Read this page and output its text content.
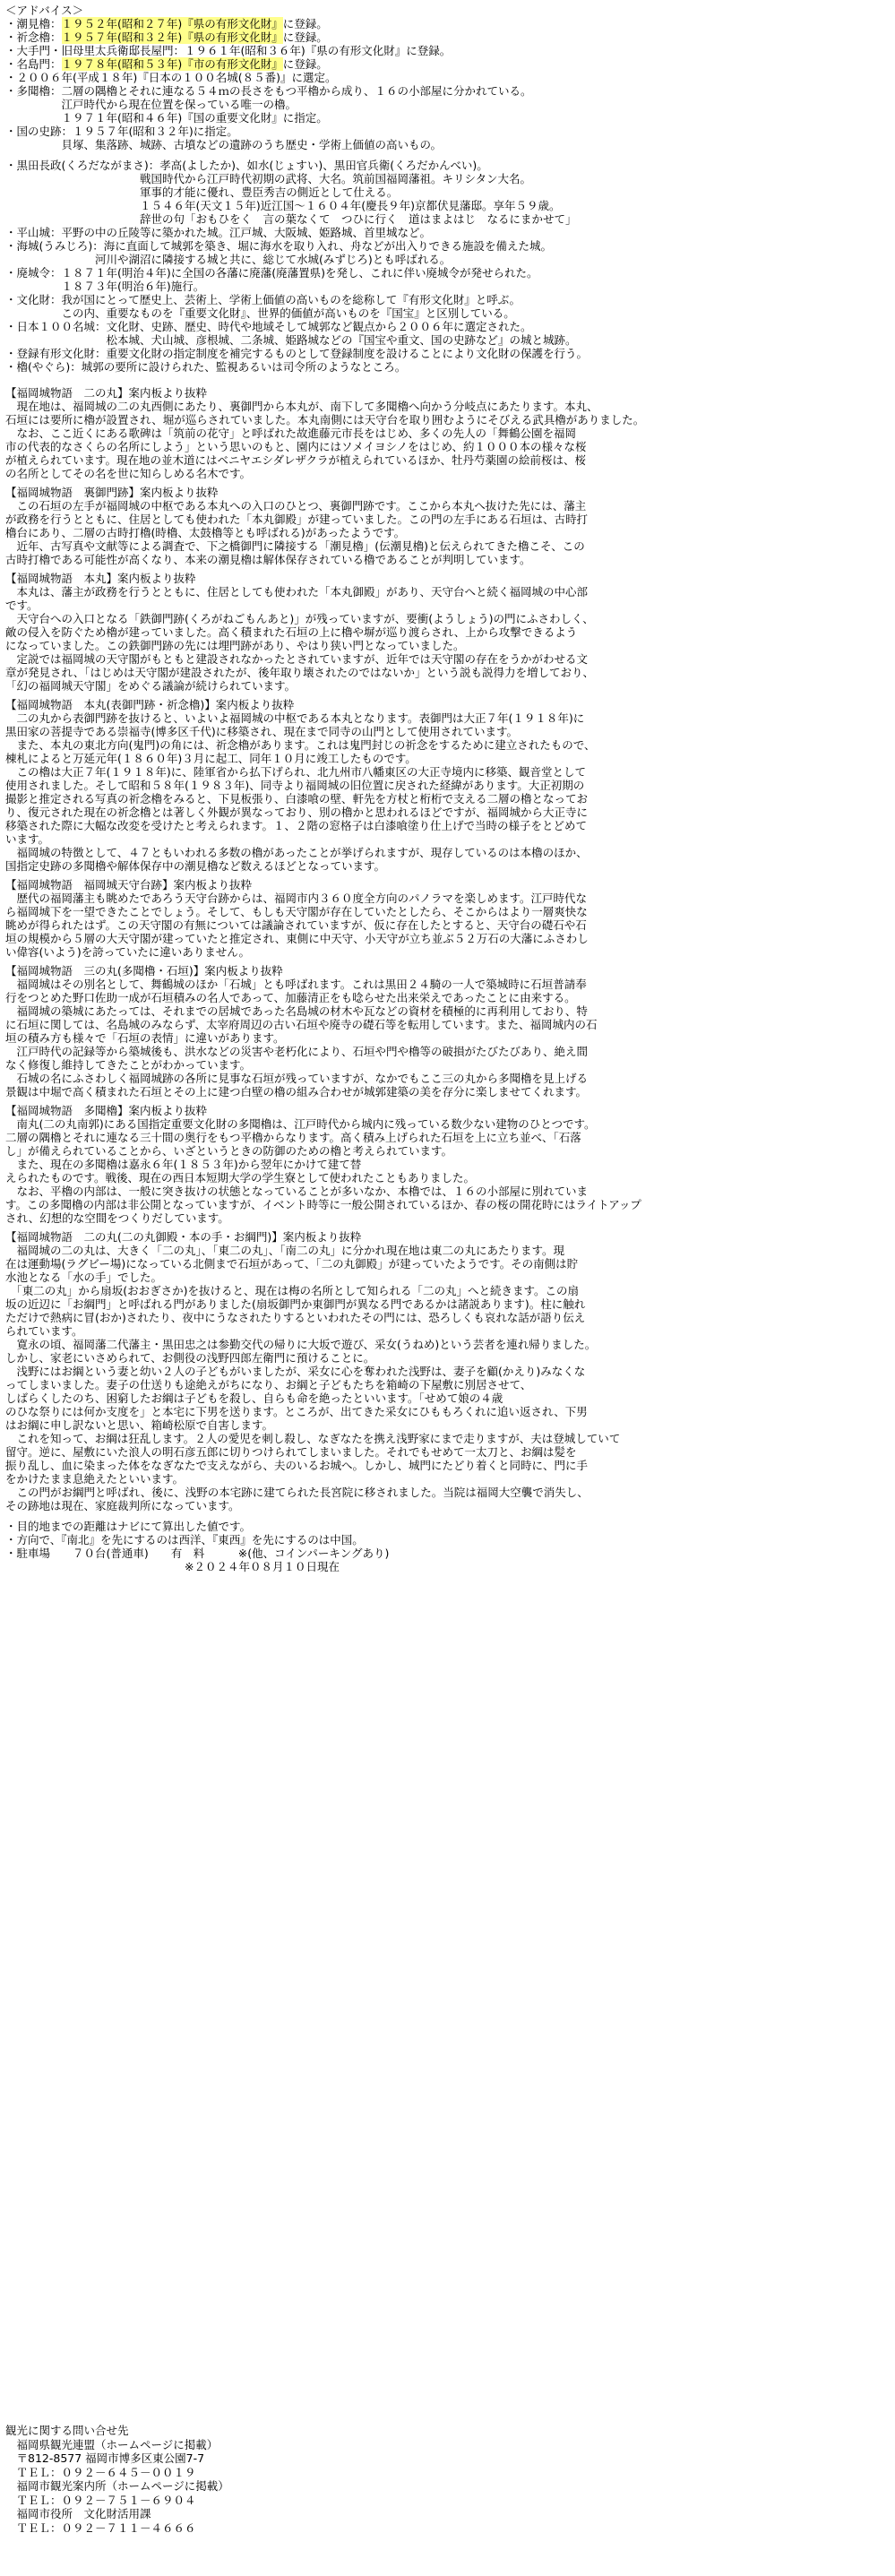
＜アドバイス＞
・潮見櫓：１９５２年(昭和２７年)『県の有形文化財』に登録。
・祈念櫓：１９５７年(昭和３２年)『県の有形文化財』に登録。
・大手門・旧母里太兵衛邸長屋門：１９６１年(昭和３６年)『県の有形文化財』に登録。
・名島門：１９７８年(昭和５３年)『市の有形文化財』に登録。
・２００６年(平成１８年)『日本の１００名城(８５番)』に選定。
・多聞櫓：二層の隅櫓とそれに連なる５４ｍの長さをもつ平櫓から成り、１６の小部屋に分かれている。
　　　　　江戸時代から現在位置を保っている唯一の櫓。
　　　　　１９７１年(昭和４６年)『国の重要文化財』に指定。
・国の史跡：１９５７年(昭和３２年)に指定。
　　　　　貝塚、集落跡、城跡、古墳などの遺跡のうち歴史・学術上価値の高いもの。
・黒田長政(くろだながまさ)：孝高(よしたか)、如水(じょすい)、黒田官兵衛(くろだかんべい)。
　　　　　　　　　　　　戦国時代から江戸時代初期の武将、大名。筑前国福岡藩祖。キリシタン大名。
　　　　　　　　　　　　軍事的才能に優れ、豊臣秀吉の側近として仕える。
　　　　　　　　　　　　１５４６年(天文１５年)近江国〜１６０４年(慶長９年)京都伏見藩邸。享年５９歳。
　　　　　　　　　　　　辞世の句「おもひをく　言の葉なくて　つひに行く　道はまよはじ　なるにまかせて」
・平山城：平野の中の丘陵等に築かれた城。江戸城、大阪城、姫路城、首里城など。
・海城(うみじろ)：海に直面して城郭を築き、堀に海水を取り入れ、舟などが出入りできる施設を備えた城。
　　　　　　　　河川や湖沼に隣接する城と共に、総じて水城(みずじろ)とも呼ばれる。
・廃城令：１８７１年(明治４年)に全国の各藩に廃藩(廃藩置県)を発し、これに伴い廃城令が発せられた。
　　　　　１８７３年(明治６年)施行。
・文化財：我が国にとって歴史上、芸術上、学術上価値の高いものを総称して『有形文化財』と呼ぶ。
　　　　　この内、重要なものを『重要文化財』、世界的価値が高いものを『国宝』と区別している。
・日本１００名城：文化財、史跡、歴史、時代や地域そして城郭など観点から２００６年に選定された。
　　　　　　　　　松本城、犬山城、彦根城、二条城、姫路城などの『国宝や重文、国の史跡など』の城と城跡。
・登録有形文化財：重要文化財の指定制度を補完するものとして登録制度を設けることにより文化財の保護を行う。
・櫓(やぐら)：城郭の要所に設けられた、監視あるいは司令所のようなところ。
【福岡城物語　二の丸】案内板より抜粋
　現在地は、福岡城の二の丸西側にあたり、裏御門から本丸が、南下して多聞櫓へ向かう分岐点にあたります。本丸、
石垣には要所に櫓が設置され、堀が巡らされていました。本丸南側には天守台を取り囲むようにそびえる武具櫓がありました。
　なお、ここ近くにある歌碑は「筑前の花守」と呼ばれた故進藤元市長をはじめ、多くの先人の「舞鶴公園を福岡
市の代表的なさくらの名所にしよう」という思いのもと、園内にはソメイヨシノをはじめ、約１０００本の様々な桜
が植えられています。現在地の並木道にはベニヤエシダレザクラが植えられているほか、牡丹芍薬園の絵前桜は、桜
の名所としてその名を世に知らしめる名木です。
【福岡城物語　裏御門跡】案内板より抜粋
　この石垣の左手が福岡城の中枢である本丸への入口のひとつ、裏御門跡です。ここから本丸へ抜けた先には、藩主
が政務を行うとともに、住居としても使われた「本丸御殿」が建っていました。この門の左手にある石垣は、古時打
櫓台にあり、二層の古時打櫓(時櫓、太鼓櫓等とも呼ばれる)があったようです。
　近年、古写真や文献等による調査で、下之橋御門に隣接する「潮見櫓」(伝潮見櫓)と伝えられてきた櫓こそ、この
古時打櫓である可能性が高くなり、本来の潮見櫓は解体保存されている櫓であることが判明しています。
【福岡城物語　本丸】案内板より抜粋
　本丸は、藩主が政務を行うとともに、住居としても使われた「本丸御殿」があり、天守台へと続く福岡城の中心部
です。
　天守台への入口となる「鉄御門跡(くろがねごもんあと)」が残っていますが、要衝(ようしょう)の門にふさわしく、
敵の侵入を防ぐため櫓が建っていました。高く積まれた石垣の上に櫓や塀が巡り渡らされ、上から攻撃できるよう
になっていました。この鉄御門跡の先には埋門跡があり、やはり狭い門となっていました。
　定説では福岡城の天守閣がもともと建設されなかったとされていますが、近年では天守閣の存在をうかがわせる文
章が発見され、「はじめは天守閣が建設されたが、後年取り壊されたのではないか」という説も説得力を増しており、
「幻の福岡城天守閣」をめぐる議論が続けられています。
【福岡城物語　本丸(表御門跡・祈念櫓)】案内板より抜粋
　二の丸から表御門跡を抜けると、いよいよ福岡城の中枢である本丸となります。表御門は大正７年(１９１８年)に
黒田家の菩提寺である崇福寺(博多区千代)に移築され、現在まで同寺の山門として使用されています。
　また、本丸の東北方向(鬼門)の角には、祈念櫓があります。これは鬼門封じの祈念をするために建立されたもので、
棟札によると万延元年(１８６０年)３月に起工、同年１０月に竣工したものです。
　この櫓は大正７年(１９１８年)に、陸軍省から払下げられ、北九州市八幡東区の大正寺境内に移築、観音堂として
使用されました。そして昭和５８年(１９８３年)、同寺より福岡城の旧位置に戻された経緯があります。大正初期の
撮影と推定される写真の祈念櫓をみると、下見板張り、白漆喰の壁、軒先を方杖と桁桁で支える二層の櫓となってお
り、復元された現在の祈念櫓とは著しく外観が異なっており、別の櫓かと思われるほどですが、福岡城から大正寺に
移築された際に大幅な改変を受けたと考えられます。１、２階の窓格子は白漆喰塗り仕上げで当時の様子をとどめて
います。
　福岡城の特徴として、４７ともいわれる多数の櫓があったことが挙げられますが、現存しているのは本櫓のほか、
国指定史跡の多聞櫓や解体保存中の潮見櫓など数えるほどとなっています。
【福岡城物語　福岡城天守台跡】案内板より抜粋
　歴代の福岡藩主も眺めたであろう天守台跡からは、福岡市内３６０度全方向のパノラマを楽しめます。江戸時代な
ら福岡城下を一望できたことでしょう。そして、もしも天守閣が存在していたとしたら、そこからはより一層爽快な
眺めが得られたはず。この天守閣の有無については議論されていますが、仮に存在したとすると、天守台の礎石や石
垣の規模から５層の大天守閣が建っていたと推定され、東側に中天守、小天守が立ち並ぶ５２万石の大藩にふさわし
い偉容(いよう)を誇っていたに違いありません。
【福岡城物語　三の丸(多聞櫓・石垣)】案内板より抜粋
　福岡城はその別名として、舞鶴城のほか「石城」とも呼ばれます。これは黒田２４騎の一人で築城時に石垣普請奉
行をつとめた野口佐助一成が石垣積みの名人であって、加藤清正をも唸らせた出来栄えであったことに由来する。
　福岡城の築城にあたっては、それまでの居城であった名島城の材木や瓦などの資材を積極的に再利用しており、特
に石垣に関しては、名島城のみならず、太宰府周辺の古い石垣や廃寺の礎石等を転用しています。また、福岡城内の石
垣の積み方も様々で「石垣の表情」に違いがあります。
　江戸時代の記録等から築城後も、洪水などの災害や老朽化により、石垣や門や櫓等の破損がたびたびあり、絶え間
なく修復し維持してきたことがわかっています。
　石城の名にふさわしく福岡城跡の各所に見事な石垣が残っていますが、なかでもここ三の丸から多聞櫓を見上げる
景観は中堀で高く積まれた石垣とその上に建つ白壁の櫓の組み合わせが城郭建築の美を存分に楽しませてくれます。
【福岡城物語　多聞櫓】案内板より抜粋
　南丸(二の丸南郭)にある国指定重要文化財の多聞櫓は、江戸時代から城内に残っている数少ない建物のひとつです。
二層の隅櫓とそれに連なる三十間の奥行をもつ平櫓からなります。高く積み上げられた石垣を上に立ち並べ、「石落
し」が備えられていることから、いざというときの防御のための櫓と考えられています。
　また、現在の多聞櫓は嘉永６年(１８５３年)から翌年にかけて建て替
えられたものです。戦後、現在の西日本短期大学の学生寮として使われたこともありました。
　なお、平櫓の内部は、一般に突き抜けの状態となっていることが多いなか、本櫓では、１６の小部屋に別れていま
す。この多聞櫓の内部は非公開となっていますが、イベント時等に一般公開されているほか、春の桜の開花時にはライトアップ
され、幻想的な空間をつくりだしています。
【福岡城物語　二の丸(二の丸御殿・本の手・お綱門)】案内板より抜粋
　福岡城の二の丸は、大きく「二の丸」、「東二の丸」、「南二の丸」に分かれ現在地は東二の丸にあたります。現
在は運動場(ラグビー場)になっている北側まで石垣があって、「二の丸御殿」が建っていたようです。その南側は貯
水池となる「水の手」でした。
　「東二の丸」から扇坂(おおぎさか)を抜けると、現在は梅の名所として知られる「二の丸」へと続きます。この扇
坂の近辺に「お綱門」と呼ばれる門がありました(扇坂御門か東御門が異なる門であるかは諸説あります)。柱に触れ
ただけで熱病に冒(おか)されたり、夜中にうなされたりするといわれたその門には、恐ろしくも哀れな話が語り伝え
られています。
　寛永の頃、福岡藩二代藩主・黒田忠之は参勤交代の帰りに大坂で遊び、采女(うねめ)という芸者を連れ帰りました。
しかし、家老にいさめられて、お側役の浅野四郎左衛門に預けることに。
　浅野にはお綱という妻と幼い２人の子どもがいましたが、采女に心を奪われた浅野は、妻子を顧(かえり)みなくな
ってしまいました。妻子の仕送りも途絶えがちになり、お綱と子どもたちを箱崎の下屋敷に別居させて、
しばらくしたのち、困窮したお綱は子どもを殺し、自らも命を絶ったといいます。「せめて娘の４歳
のひな祭りには何か支度を」と本宅に下男を送ります。ところが、出てきた采女にひももろくれに追い返され、下男
はお綱に申し訳ないと思い、箱崎松原で自害します。
　これを知って、お綱は狂乱します。２人の愛児を刺し殺し、なぎなたを携え浅野家にまで走りますが、夫は登城していて
留守。逆に、屋敷にいた浪人の明石彦五郎に切りつけられてしまいました。それでもせめて一太刀と、お綱は髪を
振り乱し、血に染まった体をなぎなたで支えながら、夫のいるお城へ。しかし、城門にたどり着くと同時に、門に手
をかけたまま息絶えたといいます。
　この門がお綱門と呼ばれ、後に、浅野の本宅跡に建てられた長宮院に移されました。当院は福岡大空襲で消失し、
その跡地は現在、家庭裁判所になっています。
・目的地までの距離はナビにて算出した値です。
・方向で、『南北』を先にするのは西洋、『東西』を先にするのは中国。
・駐車場　　７０台(普通車)　　有　料　　　※(他、コインパーキングあり)
　　　　　　　　　　　　　　　　※２０２４年０８月１０日現在
観光に関する問い合せ先
　福岡県観光連盟（ホームページに掲載）
　〒812-8577 福岡市博多区東公園7-7
　ＴＥＬ：０９２－６４５－００１９
　福岡市観光案内所（ホームページに掲載）
　ＴＥＬ：０９２－７５１－６９０４
　福岡市役所　文化財活用課
　ＴＥＬ：０９２－７１１－４６６６
